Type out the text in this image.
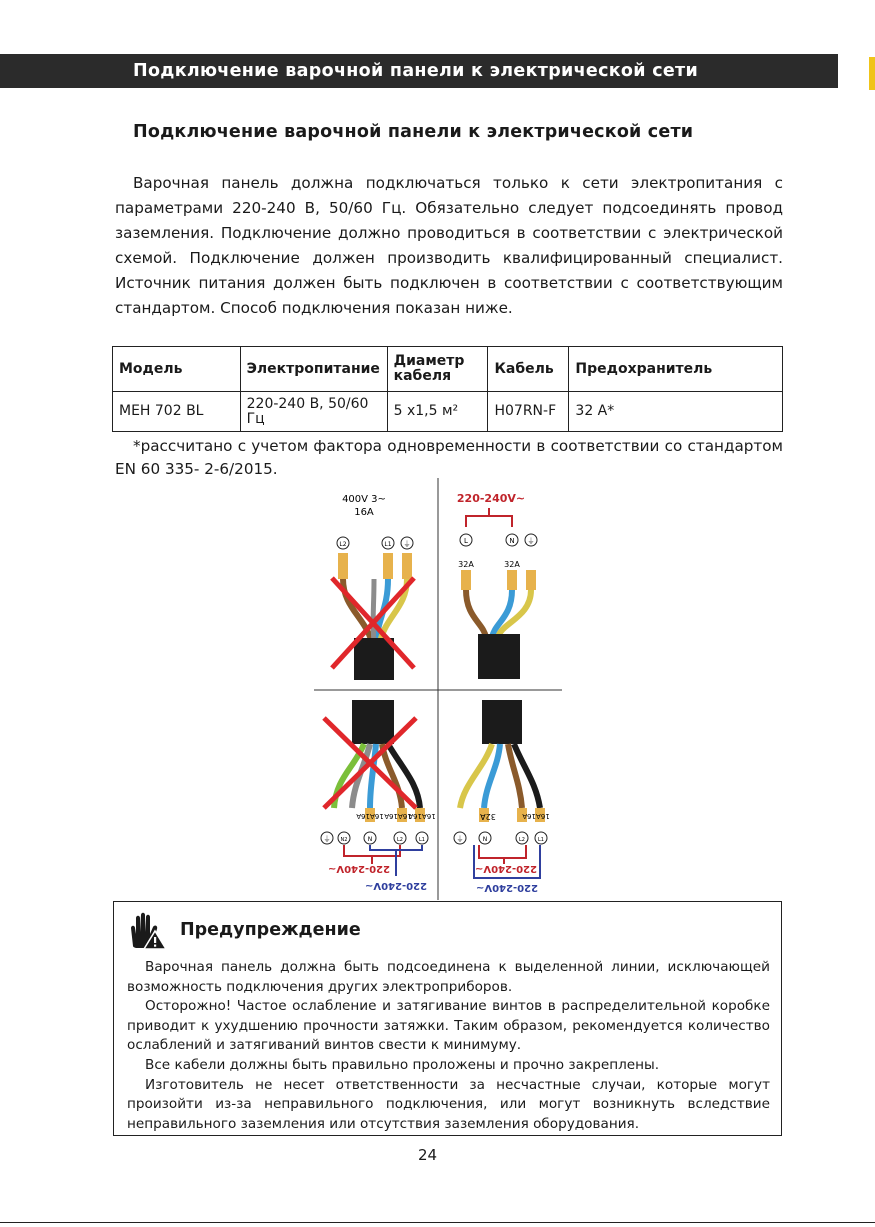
Подключение варочной панели к электрической сети
Подключение варочной панели к электрической сети

Варочная панель должна подключаться только к сети электропитания с параметрами 220-240 В, 50/60 Гц. Обязательно следует подсоединять провод заземления. Подключение должно проводиться в соответствии с электрической схемой. Подключение должен производить квалифицированный специалист. Источник питания должен быть подключен в соответствии с соответствующим стандартом. Способ подключения показан ниже.

Модель	Электропитание	Диаметр кабеля	Кабель	Предохранитель
MEH 702 BL	220-240 В, 50/60 Гц	5 x1,5 м²	H07RN-F	32 А*

*рассчитано с учетом фактора одновременности в соответствии со стандартом EN 60 335- 2-6/2015.

400V 3~
16A
L2	L1 ⏚
220-240V~
L	N ⏚
32A	32A
16A16A 16A16A
16A16A
⏚ N2	N	L2	L1
220-240V~
220-240V~
32A	16A16A
⏚	N	L2	L1
220-240V~
220-240V~
Предупреждение

Варочная панель должна быть подсоединена к выделенной линии, исключающей возможность подключения других электроприборов.

Осторожно! Частое ослабление и затягивание винтов в распределительной коробке приводит к ухудшению прочности затяжки. Таким образом, рекомендуется количество ослаблений и затягиваний винтов свести к минимуму.

Все кабели должны быть правильно проложены и прочно закреплены.

Изготовитель не несет ответственности за несчастные случаи, которые могут произойти из-за неправильного подключения, или могут возникнуть вследствие неправильного заземления или отсутствия заземления оборудования.

24
